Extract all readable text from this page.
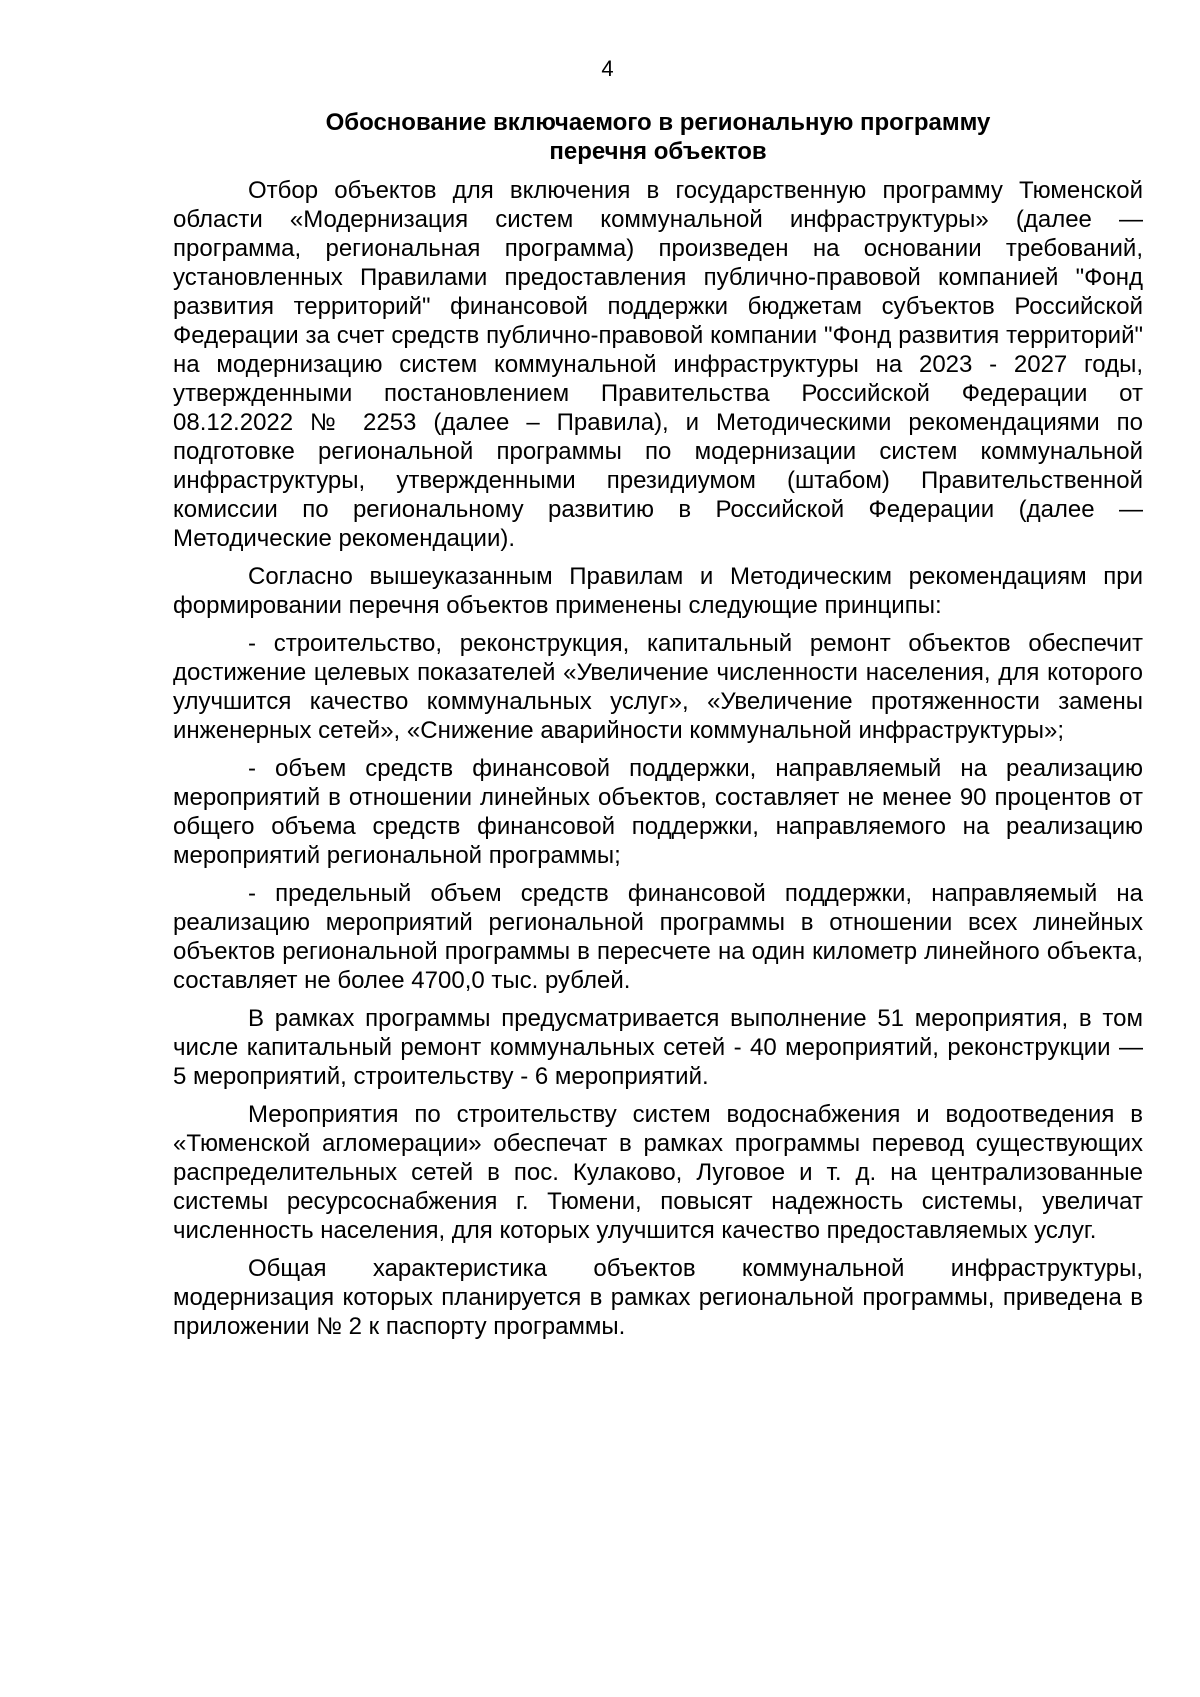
4
Обоснование включаемого в региональную программу
перечня объектов

Отбор объектов для включения в государственную программу Тюменской области «Модернизация систем коммунальной инфраструктуры» (далее — программа, региональная программа) произведен на основании требований, установленных Правилами предоставления публично-правовой компанией "Фонд развития территорий" финансовой поддержки бюджетам субъектов Российской Федерации за счет средств публично-правовой компании "Фонд развития территорий" на модернизацию систем коммунальной инфраструктуры на 2023 - 2027 годы, утвержденными постановлением Правительства Российской Федерации от 08.12.2022 № 2253 (далее – Правила), и Методическими рекомендациями по подготовке региональной программы по модернизации систем коммунальной инфраструктуры, утвержденными президиумом (штабом) Правительственной комиссии по региональному развитию в Российской Федерации (далее — Методические рекомендации).

Согласно вышеуказанным Правилам и Методическим рекомендациям при формировании перечня объектов применены следующие принципы:

- строительство, реконструкция, капитальный ремонт объектов обеспечит достижение целевых показателей «Увеличение численности населения, для которого улучшится качество коммунальных услуг», «Увеличение протяженности замены инженерных сетей», «Снижение аварийности коммунальной инфраструктуры»;

- объем средств финансовой поддержки, направляемый на реализацию мероприятий в отношении линейных объектов, составляет не менее 90 процентов от общего объема средств финансовой поддержки, направляемого на реализацию мероприятий региональной программы;

- предельный объем средств финансовой поддержки, направляемый на реализацию мероприятий региональной программы в отношении всех линейных объектов региональной программы в пересчете на один километр линейного объекта, составляет не более 4700,0 тыс. рублей.

В рамках программы предусматривается выполнение 51 мероприятия, в том числе капитальный ремонт коммунальных сетей - 40 мероприятий, реконструкции — 5 мероприятий, строительству - 6 мероприятий.

Мероприятия по строительству систем водоснабжения и водоотведения в «Тюменской агломерации» обеспечат в рамках программы перевод существующих распределительных сетей в пос. Кулаково, Луговое и т. д. на централизованные системы ресурсоснабжения г. Тюмени, повысят надежность системы, увеличат численность населения, для которых улучшится качество предоставляемых услуг.

Общая характеристика объектов коммунальной инфраструктуры, модернизация которых планируется в рамках региональной программы, приведена в приложении № 2 к паспорту программы.
